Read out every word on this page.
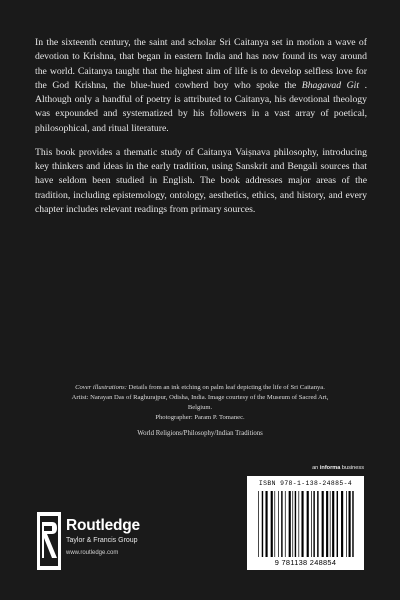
In the sixteenth century, the saint and scholar Sri Caitanya set in motion a wave of devotion to Krishna, that began in eastern India and has now found its way around the world. Caitanya taught that the highest aim of life is to develop selfless love for the God Krishna, the blue-hued cowherd boy who spoke the Bhagavad Git . Although only a handful of poetry is attributed to Caitanya, his devotional theology was expounded and systematized by his followers in a vast array of poetical, philosophical, and ritual literature.

This book provides a thematic study of Caitanya Vaiṣnava philosophy, introducing key thinkers and ideas in the early tradition, using Sanskrit and Bengali sources that have seldom been studied in English. The book addresses major areas of the tradition, including epistemology, ontology, aesthetics, ethics, and history, and every chapter includes relevant readings from primary sources.

Cover illustrations: Details from an ink etching on palm leaf depicting the life of Sri Caitanya.
Artist: Narayan Das of Raghurajpur, Odisha, India. Image courtesy of the Museum of Sacred Art, Belgium.
Photographer: Param P. Tomanec.
World Religions/Philosophy/Indian Traditions
an informa business
Routledge
Taylor & Francis Group
www.routledge.com
ISBN 978-1-138-24885-4
9 781138 248854
